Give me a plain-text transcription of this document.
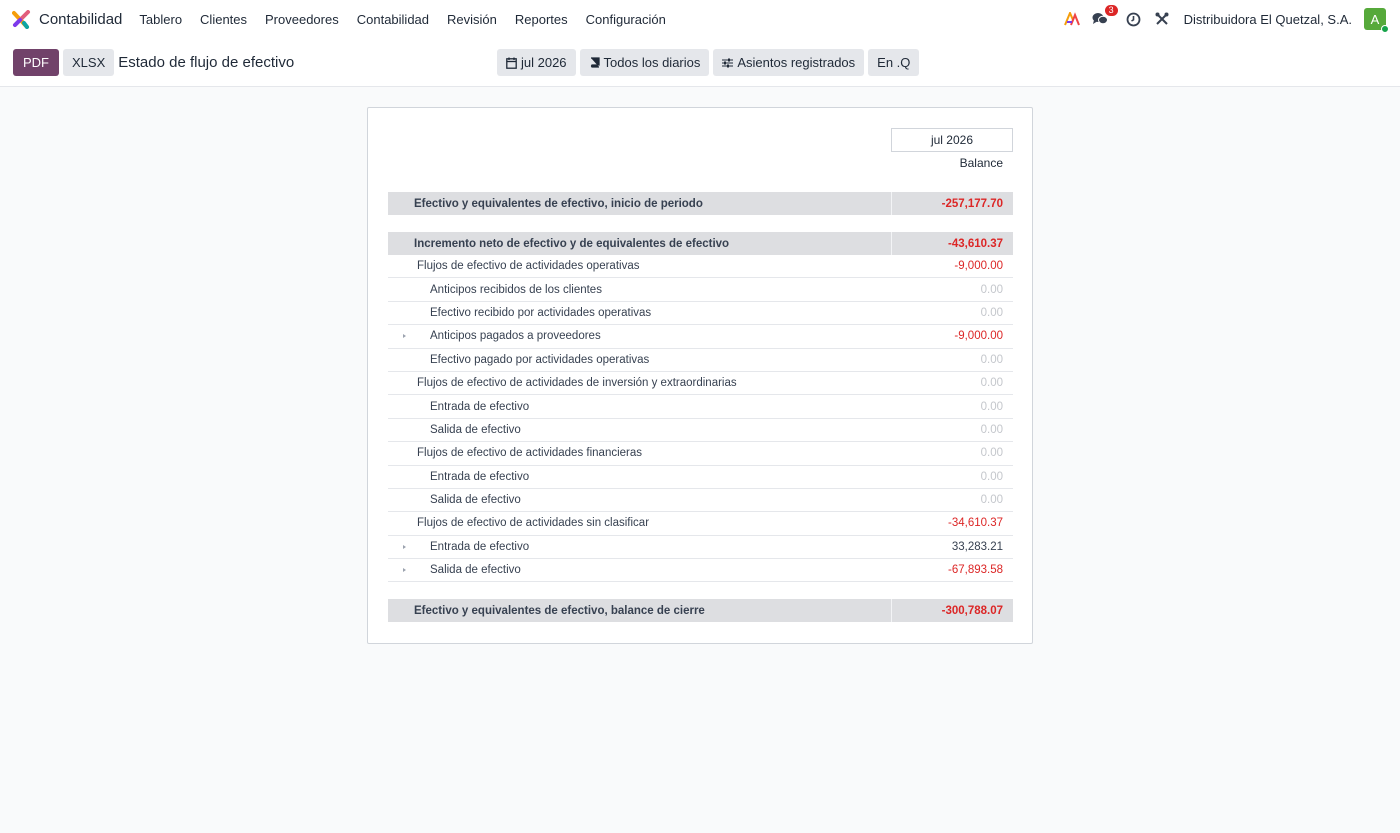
Contabilidad	Tablero	Clientes	Proveedores	Contabilidad	Revisión	Reportes	Configuración
3
Distribuidora El Quetzal, S.A. A
PDF	XLSX Estado de flujo de efectivo	jul 2026	Todos los diarios	Asientos registrados En .Q
jul 2026
Balance
Efectivo y equivalentes de efectivo, inicio de periodo	-257,177.70
Incremento neto de efectivo y de equivalentes de efectivo	-43,610.37
Flujos de efectivo de actividades operativas	-9,000.00
Anticipos recibidos de los clientes	0.00
Efectivo recibido por actividades operativas	0.00
Anticipos pagados a proveedores	-9,000.00
Efectivo pagado por actividades operativas	0.00
Flujos de efectivo de actividades de inversión y extraordinarias	0.00
Entrada de efectivo	0.00
Salida de efectivo	0.00
Flujos de efectivo de actividades financieras	0.00
Entrada de efectivo	0.00
Salida de efectivo	0.00
Flujos de efectivo de actividades sin clasificar	-34,610.37
Entrada de efectivo	33,283.21
Salida de efectivo	-67,893.58
Efectivo y equivalentes de efectivo, balance de cierre	-300,788.07
